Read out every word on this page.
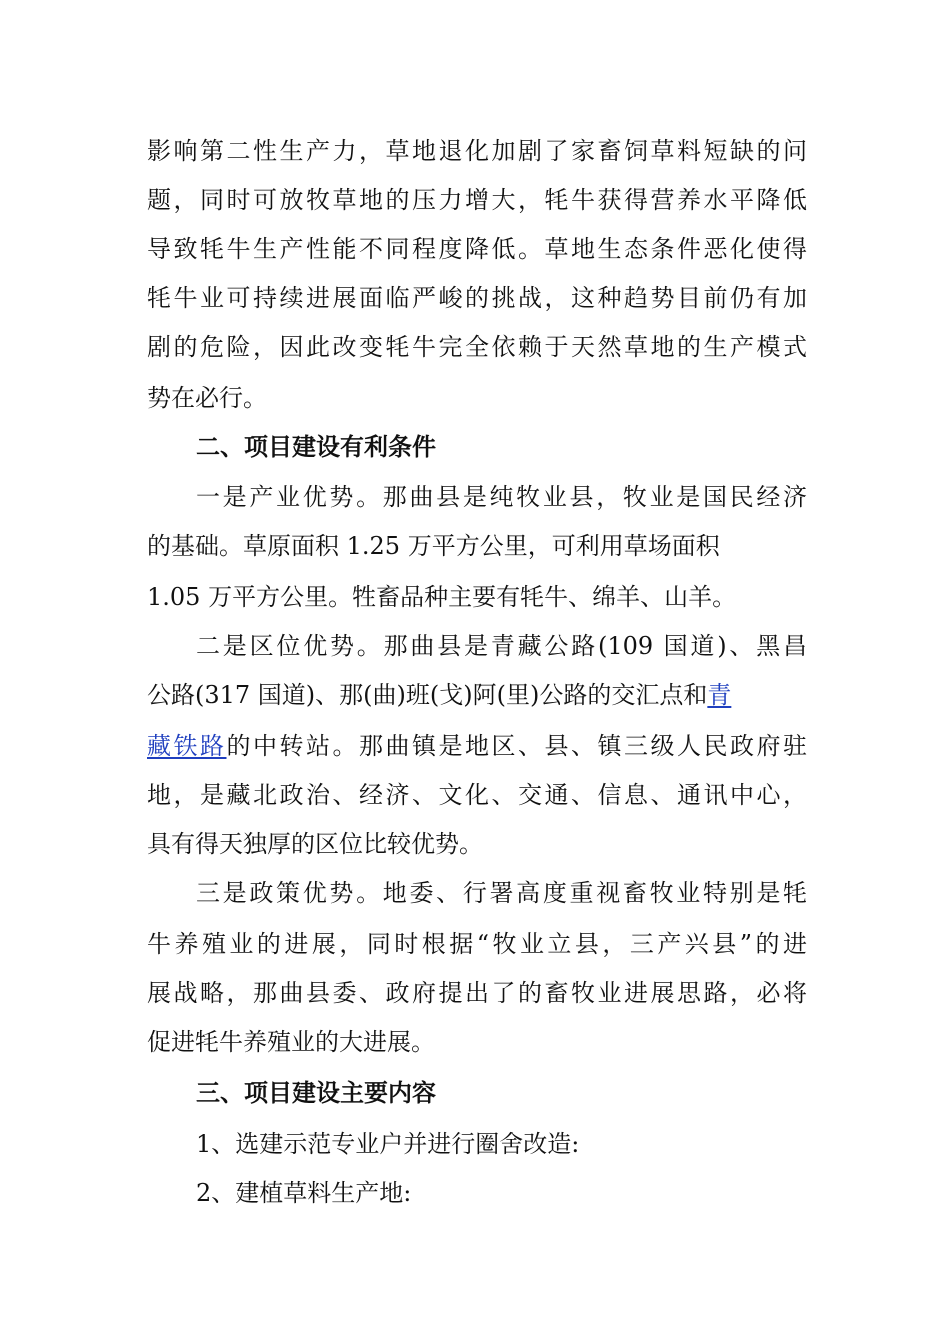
影响第二性生产力，草地退化加剧了家畜饲草料短缺的问
题，同时可放牧草地的压力增大，牦牛获得营养水平降低
导致牦牛生产性能不同程度降低。草地生态条件恶化使得
牦牛业可持续进展面临严峻的挑战，这种趋势目前仍有加
剧的危险，因此改变牦牛完全依赖于天然草地的生产模式
势在必行。
二、项目建设有利条件
一是产业优势。那曲县是纯牧业县，牧业是国民经济
的基础。草原面积 1.25 万平方公里，可利用草场面积
1.05 万平方公里。牲畜品种主要有牦牛、绵羊、山羊。
二是区位优势。那曲县是青藏公路(109 国道)、黑昌
公路(317 国道)、那(曲)班(戈)阿(里)公路的交汇点和青
藏铁路的中转站。那曲镇是地区、县、镇三级人民政府驻
地，是藏北政治、经济、文化、交通、信息、通讯中心，
具有得天独厚的区位比较优势。
三是政策优势。地委、行署高度重视畜牧业特别是牦
牛养殖业的进展，同时根据“牧业立县，三产兴县”的进
展战略，那曲县委、政府提出了的畜牧业进展思路，必将
促进牦牛养殖业的大进展。
三、项目建设主要内容
1、选建示范专业户并进行圈舍改造:
2、建植草料生产地:
